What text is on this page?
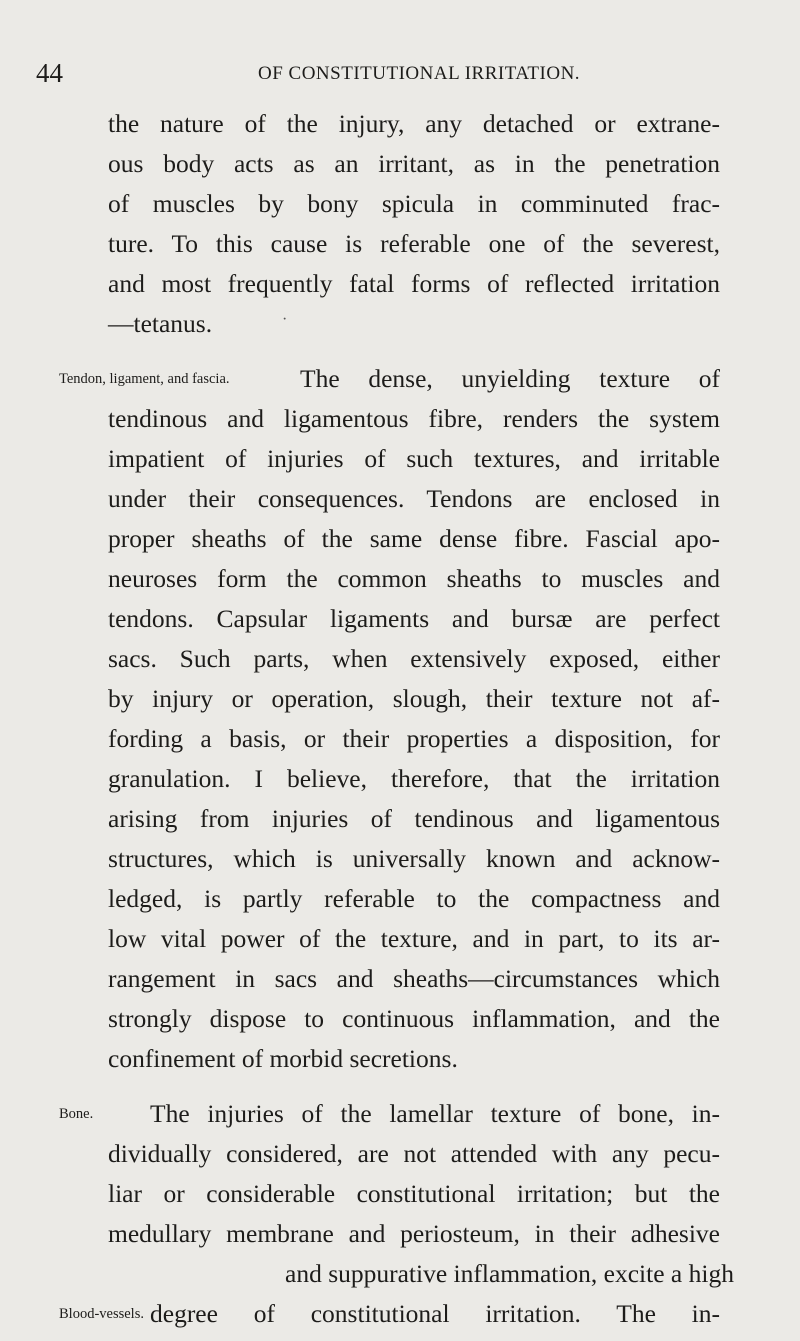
44	OF CONSTITUTIONAL IRRITATION.
the nature of the injury, any detached or extrane-
ous body acts as an irritant, as in the penetration
of muscles by bony spicula in comminuted frac-
ture. To this cause is referable one of the severest,
and most frequently fatal forms of reflected irritation
—tetanus.	·
Tendon, ligament, and fascia.	The dense, unyielding texture of
tendinous and ligamentous fibre, renders the system
impatient of injuries of such textures, and irritable
under their consequences. Tendons are enclosed in
proper sheaths of the same dense fibre. Fascial apo-
neuroses form the common sheaths to muscles and
tendons. Capsular ligaments and bursæ are perfect
sacs. Such parts, when extensively exposed, either
by injury or operation, slough, their texture not af-
fording a basis, or their properties a disposition, for
granulation. I believe, therefore, that the irritation
arising from injuries of tendinous and ligamentous
structures, which is universally known and acknow-
ledged, is partly referable to the compactness and
low vital power of the texture, and in part, to its ar-
rangement in sacs and sheaths—circumstances which
strongly dispose to continuous inflammation, and the
confinement of morbid secretions.
Bone. The injuries of the lamellar texture of bone, in-
dividually considered, are not attended with any pecu-
liar or considerable constitutional irritation; but the
medullary membrane and periosteum, in their adhesive
and suppurative inflammation, excite a high
Blood-vessels. degree of constitutional irritation. The in-
